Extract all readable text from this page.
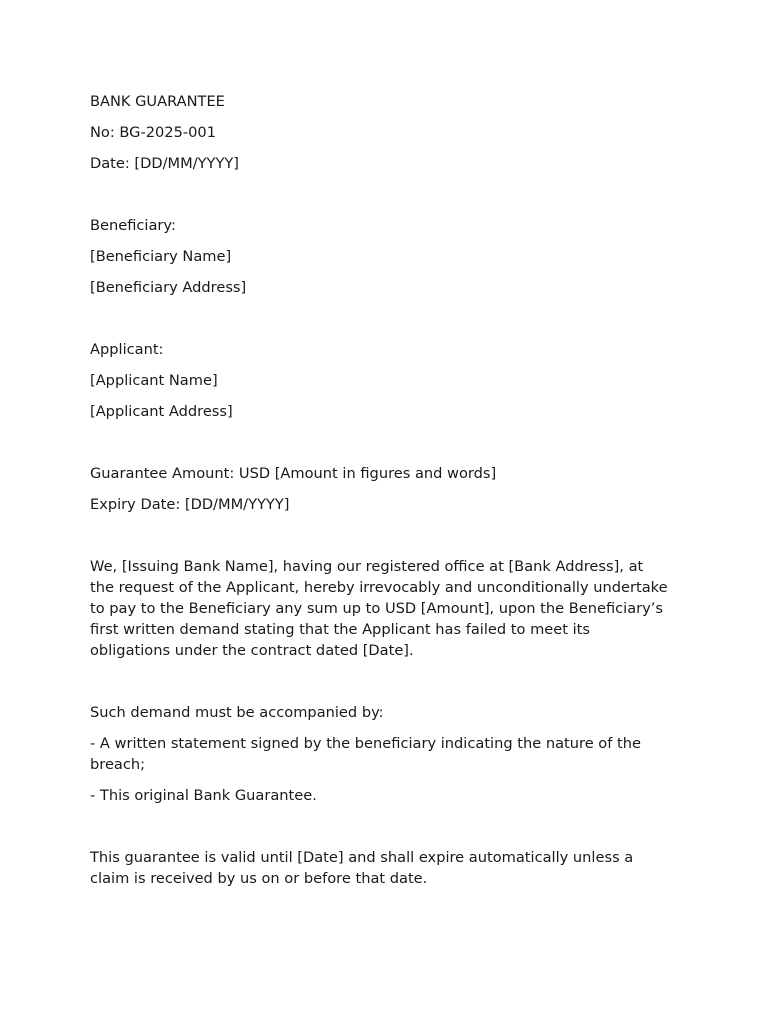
BANK GUARANTEE

No: BG-2025-001

Date: [DD/MM/YYYY]

Beneficiary:

[Beneficiary Name]

[Beneficiary Address]

Applicant:

[Applicant Name]

[Applicant Address]

Guarantee Amount: USD [Amount in figures and words]

Expiry Date: [DD/MM/YYYY]

We, [Issuing Bank Name], having our registered office at [Bank Address], at the request of the Applicant, hereby irrevocably and unconditionally undertake to pay to the Beneficiary any sum up to USD [Amount], upon the Beneficiary’s first written demand stating that the Applicant has failed to meet its obligations under the contract dated [Date].

Such demand must be accompanied by:

- A written statement signed by the beneficiary indicating the nature of the breach;

- This original Bank Guarantee.

This guarantee is valid until [Date] and shall expire automatically unless a claim is received by us on or before that date.
